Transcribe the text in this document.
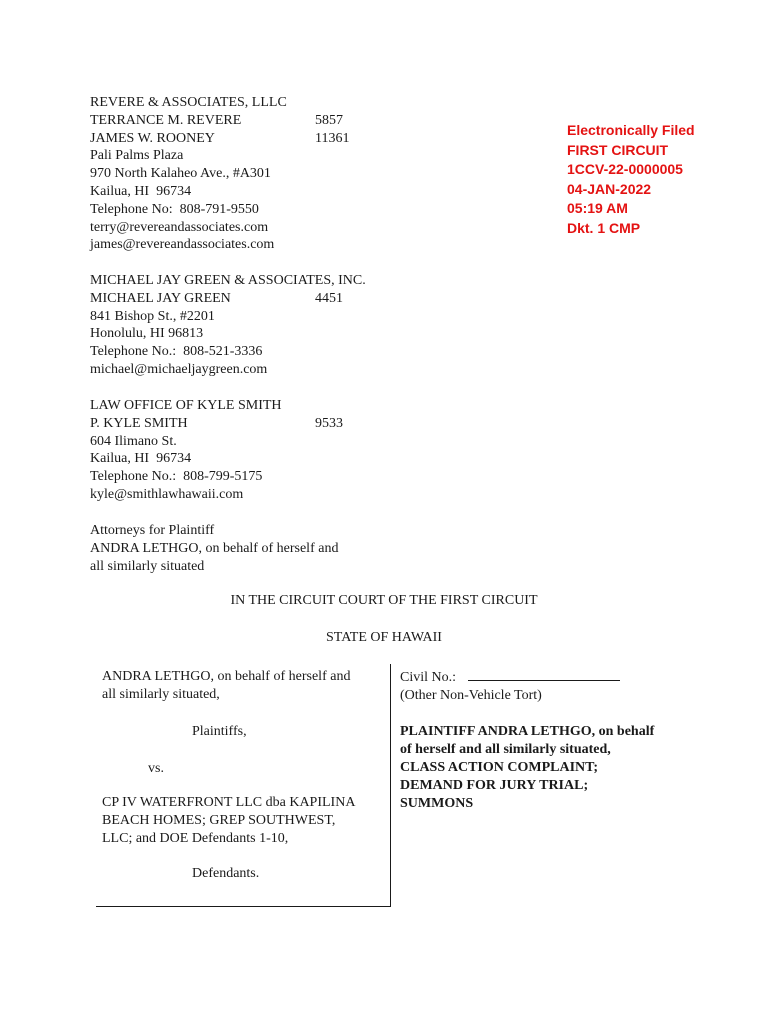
REVERE & ASSOCIATES, LLLC
TERRANCE M. REVERE
JAMES W. ROONEY
Pali Palms Plaza
970 North Kalaheo Ave., #A301
Kailua, HI  96734
Telephone No:  808-791-9550
terry@revereandassociates.com
james@revereandassociates.com
5857
11361
Electronically Filed
FIRST CIRCUIT
1CCV-22-0000005
04-JAN-2022
05:19 AM
Dkt. 1 CMP
MICHAEL JAY GREEN & ASSOCIATES, INC.
MICHAEL JAY GREEN
841 Bishop St., #2201
Honolulu, HI 96813
Telephone No.:  808-521-3336
michael@michaeljaygreen.com
4451
LAW OFFICE OF KYLE SMITH
P. KYLE SMITH
604 Ilimano St.
Kailua, HI  96734
Telephone No.:  808-799-5175
kyle@smithlawhawaii.com
9533
Attorneys for Plaintiff
ANDRA LETHGO, on behalf of herself and
all similarly situated
IN THE CIRCUIT COURT OF THE FIRST CIRCUIT
STATE OF HAWAII
ANDRA LETHGO, on behalf of herself and
all similarly situated,
Plaintiffs,
vs.
CP IV WATERFRONT LLC dba KAPILINA
BEACH HOMES; GREP SOUTHWEST,
LLC; and DOE Defendants 1-10,
Defendants.
Civil No.:
(Other Non-Vehicle Tort)
PLAINTIFF ANDRA LETHGO, on behalf
of herself and all similarly situated,
CLASS ACTION COMPLAINT;
DEMAND FOR JURY TRIAL;
SUMMONS
